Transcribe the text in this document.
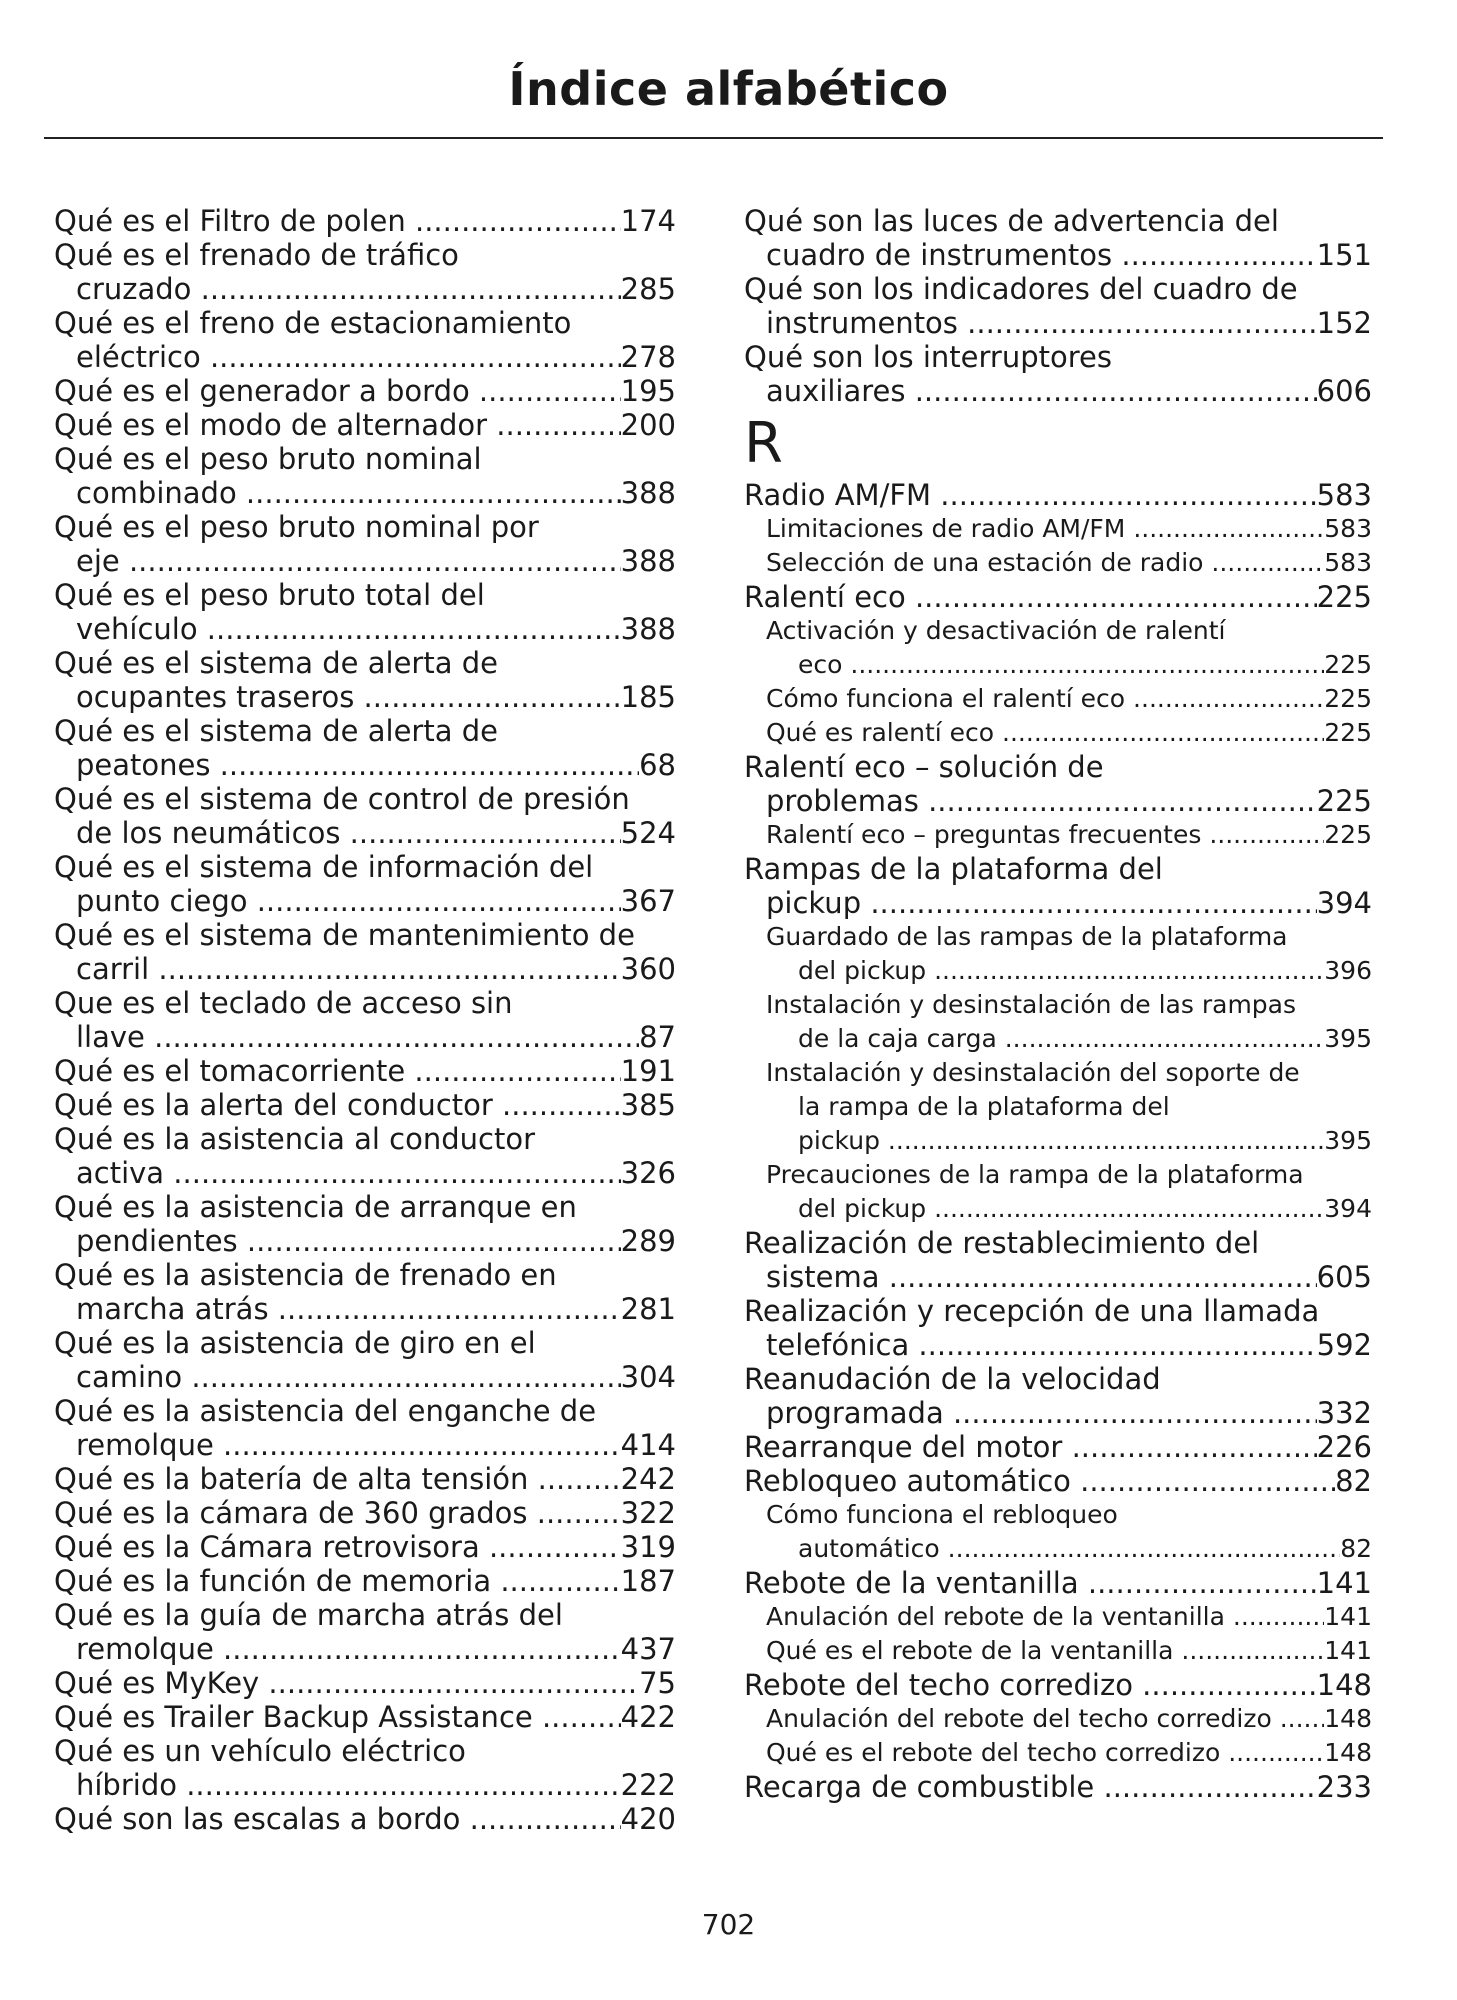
Índice alfabético
Qué es el Filtro de polen .....	174
Qué es el frenado de tráfico
cruzado .....	285
Qué es el freno de estacionamiento
eléctrico .....	278
Qué es el generador a bordo .....	195
Qué es el modo de alternador .....	200
Qué es el peso bruto nominal
combinado .....	388
Qué es el peso bruto nominal por
eje .....	388
Qué es el peso bruto total del
vehículo .....	388
Qué es el sistema de alerta de
ocupantes traseros .....	185
Qué es el sistema de alerta de
peatones .....	68
Qué es el sistema de control de presión
de los neumáticos .....	524
Qué es el sistema de información del
punto ciego .....	367
Qué es el sistema de mantenimiento de
carril .....	360
Que es el teclado de acceso sin
llave .....	87
Qué es el tomacorriente .....	191
Qué es la alerta del conductor .....	385
Qué es la asistencia al conductor
activa .....	326
Qué es la asistencia de arranque en
pendientes .....	289
Qué es la asistencia de frenado en
marcha atrás .....	281
Qué es la asistencia de giro en el
camino .....	304
Qué es la asistencia del enganche de
remolque .....	414
Qué es la batería de alta tensión .....	242
Qué es la cámara de 360 grados .....	322
Qué es la Cámara retrovisora .....	319
Qué es la función de memoria .....	187
Qué es la guía de marcha atrás del
remolque .....	437
Qué es MyKey .....	75
Qué es Trailer Backup Assistance .....	422
Qué es un vehículo eléctrico
híbrido .....	222
Qué son las escalas a bordo .....	420
Qué son las luces de advertencia del
cuadro de instrumentos .....	151
Qué son los indicadores del cuadro de
instrumentos .....	152
Qué son los interruptores
auxiliares .....	606
R
Radio AM/FM .....	583
Limitaciones de radio AM/FM .....	583
Selección de una estación de radio .....	583
Ralentí eco .....	225
Activación y desactivación de ralentí
eco .....	225
Cómo funciona el ralentí eco .....	225
Qué es ralentí eco .....	225
Ralentí eco – solución de
problemas .....	225
Ralentí eco – preguntas frecuentes .....	225
Rampas de la plataforma del
pickup .....	394
Guardado de las rampas de la plataforma
del pickup .....	396
Instalación y desinstalación de las rampas
de la caja carga .....	395
Instalación y desinstalación del soporte de
la rampa de la plataforma del
pickup .....	395
Precauciones de la rampa de la plataforma
del pickup .....	394
Realización de restablecimiento del
sistema .....	605
Realización y recepción de una llamada
telefónica .....	592
Reanudación de la velocidad
programada .....	332
Rearranque del motor .....	226
Rebloqueo automático .....	82
Cómo funciona el rebloqueo
automático .....	82
Rebote de la ventanilla .....	141
Anulación del rebote de la ventanilla .....	141
Qué es el rebote de la ventanilla .....	141
Rebote del techo corredizo .....	148
Anulación del rebote del techo corredizo .....	148
Qué es el rebote del techo corredizo .....	148
Recarga de combustible .....	233
702
